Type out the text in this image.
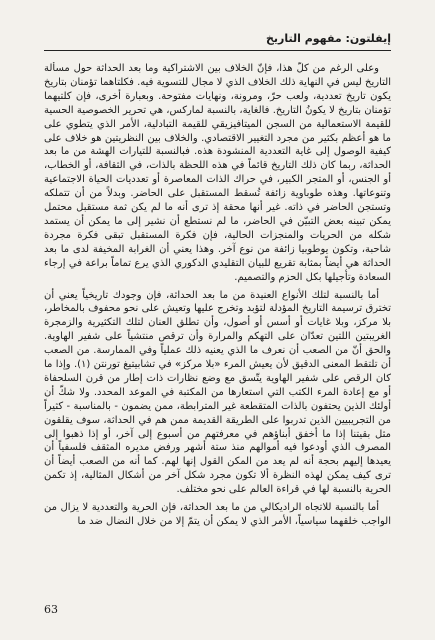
إيفلتون: مفهوم التاريخ

وعلى الرغم من كلّ هذا، فإنّ الخلاف بين الاشتراكية وما بعد الحداثة حول مسألة التاريخ ليس في النهاية ذلك الخلاف الذي لا مجال للتسوية فيه. فكلتاهما تؤمنان بتاريخ يكون تاريخ تعددية، ولعب حرّ، ومرونة، ونهايات مفتوحة. وبعبارة أخرى، فإن كلتيهما تؤمنان بتاريخ لا يكونُ التاريخ. فالغاية، بالنسبة لماركس، هي تحرير الخصوصية الحسية للقيمة الاستعمالية من السجن الميتافيزيقي للقيمة التبادلية، الأمر الذي يتطوي على ما هو أعظم بكثير من مجرد التغيير الاقتصادي. والخلاف بين النظريتين هو خلاف على كيفية الوصول إلى غاية التعددية المنشودة هذه. فبالنسبة للتيارات الهشة من ما بعد الحداثة، ربما كان ذلك التاريخ قائماً في هذه اللحظة بالذات، في الثقافة، أو الخطاب، أو الجنس، أو المتجر الكبير، في حراك الذات المعاصرة أو تعدديات الحياة الاجتماعية وتنوعاتها. وهذه طوباوية زائفة تُسقط المستقبل على الحاضر. وبدلاً من أن تتملكه وتستجن الحاضر في ذاته. غير أنها محقة إذ ترى أنه ما لم يكن ثمة مستقبل محتمل يمكن تبينه بعض التبيّن في الحاضر، ما لم نستطع أن نشير إلى ما يمكن أن يستمد شكله من الحريات والمنجزات الحالية، فإن فكرة المستقبل تبقى فكرة مجردة شاحبة، وتكون يوطوبيا زائفة من نوع آخر. وهذا يعني أن الغرابة المخيفة لدى ما بعد الحداثة هي أيضاً بمثابة تقريع للبيان التقليدي الدكوري الذي يرع تماماً براعة في إرجاء السعادة وتأجيلها بكل الحزم والتصميم.

أما بالنسبة لتلك الأنواع العنيدة من ما بعد الحداثة، فإن وجودك تاريخياً يعني أن تخترق ترسيمة التاريخ المؤدلة لتؤبد وتخرج عليها وتعيش على نحو محفوف بالمخاطر، بلا مركز، وبلا غايات أو أسس أو أصول، وأن تطلق العنان لتلك التكثيرية والزمجرة الغريبتين اللتين تعدّان على التهكم والمرارة وأن ترقص منتشياً على شفير الهاوية. والحق أنّ من الصعب أن نعرف ما الذي يعنيه ذلك عملياً وفي الممارسة. من الصعب أن تلتقط المعنى الدقيق لأن يعيش المرء «بلا مركز» في تشابيتيغ تورنتن (١). وإذا ما كان الرقص على شفير الهاوية يتّسق مع وضع نظارات ذات إطار من قرن السلحفاة أو مع إعادة المرء الكتب التي استعارها من المكتبة في الموعد المحدد. ولا شكّ أن أولئك الذين يحتفون بالذات المتقطعة غير المترابطة، ممن يضمون - بالمناسبة - كثيراً من التجريبيين الذين تدربوا على الطريقة القديمة ممن هم في الحداثة، سوف يقلقون مثل بقيتنا إذا ما أخفق أبناؤهم في معرفتهم من أسبوع إلى آخر، أو إذا ذهبوا إلى المصرف الذي أودعوا فيه أموالهم منذ ستة أشهر ورفض مديره المثقف فلسفياً أن يعيدها إليهم بحجة أنه لم يعد من المكن القول إنها لهم. كما أنه من الصعب أيضاً أن ترى كيف يمكن لهذه النظرة ألا تكون مجرد شكل آخر من أشكال المثالية، إذ تكمن الحرية بالنسبة لها في قراءة العالم على نحو مختلف.

أما بالنسبة للاتجاه الراديكالي من ما بعد الحداثة، فإن الحرية والتعددية لا يزال من الواجب خلقهما سياسياً، الأمر الذي لا يمكن أن يتمّ إلا من خلال النضال ضد ما

63
